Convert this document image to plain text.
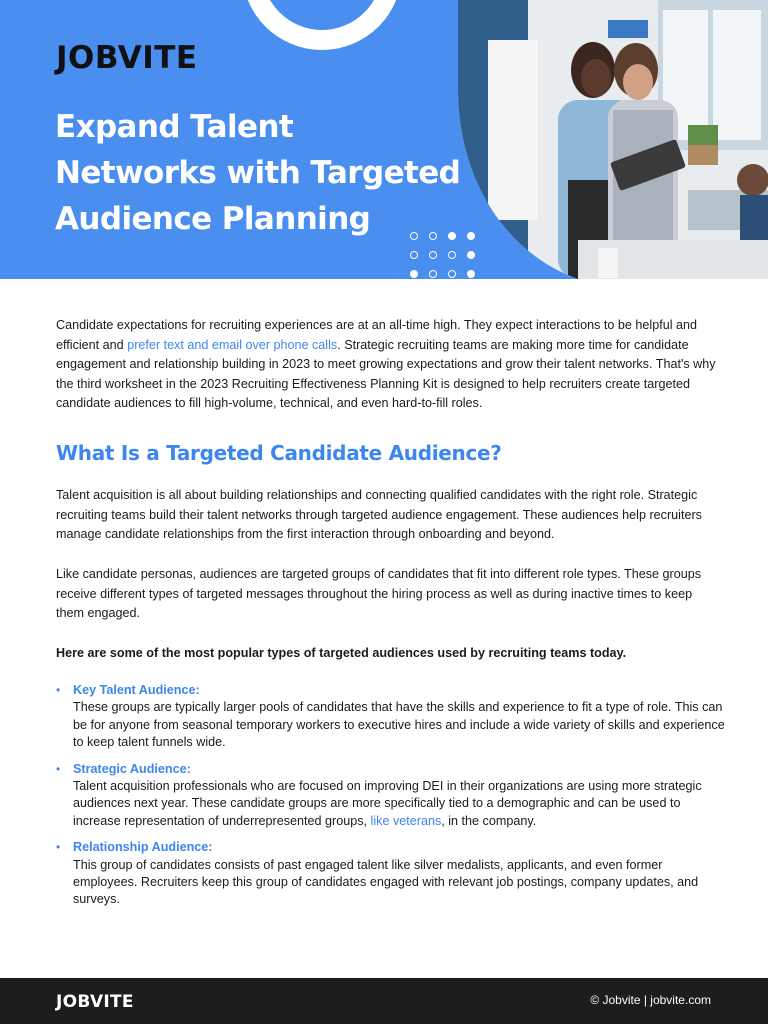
JOBVITE
Expand Talent
Networks with Targeted
Audience Planning

Candidate expectations for recruiting experiences are at an all-time high. They expect interactions to be helpful and efficient and prefer text and email over phone calls. Strategic recruiting teams are making more time for candidate engagement and relationship building in 2023 to meet growing expectations and grow their talent networks. That's why the third worksheet in the 2023 Recruiting Effectiveness Planning Kit is designed to help recruiters create targeted candidate audiences to fill high-volume, technical, and even hard-to-fill roles.

What Is a Targeted Candidate Audience?

Talent acquisition is all about building relationships and connecting qualified candidates with the right role. Strategic recruiting teams build their talent networks through targeted audience engagement. These audiences help recruiters manage candidate relationships from the first interaction through onboarding and beyond.

Like candidate personas, audiences are targeted groups of candidates that fit into different role types. These groups receive different types of targeted messages throughout the hiring process as well as during inactive times to keep them engaged.

Here are some of the most popular types of targeted audiences used by recruiting teams today.

• Key Talent Audience:
These groups are typically larger pools of candidates that have the skills and experience to fit a type of role. This can be for anyone from seasonal temporary workers to executive hires and include a wide variety of skills and experience to keep talent funnels wide.
• Strategic Audience:
Talent acquisition professionals who are focused on improving DEI in their organizations are using more strategic audiences next year. These candidate groups are more specifically tied to a demographic and can be used to increase representation of underrepresented groups, like veterans, in the company.
• Relationship Audience:
This group of candidates consists of past engaged talent like silver medalists, applicants, and even former employees. Recruiters keep this group of candidates engaged with relevant job postings, company updates, and surveys.
JOBVITE	© Jobvite | jobvite.com
